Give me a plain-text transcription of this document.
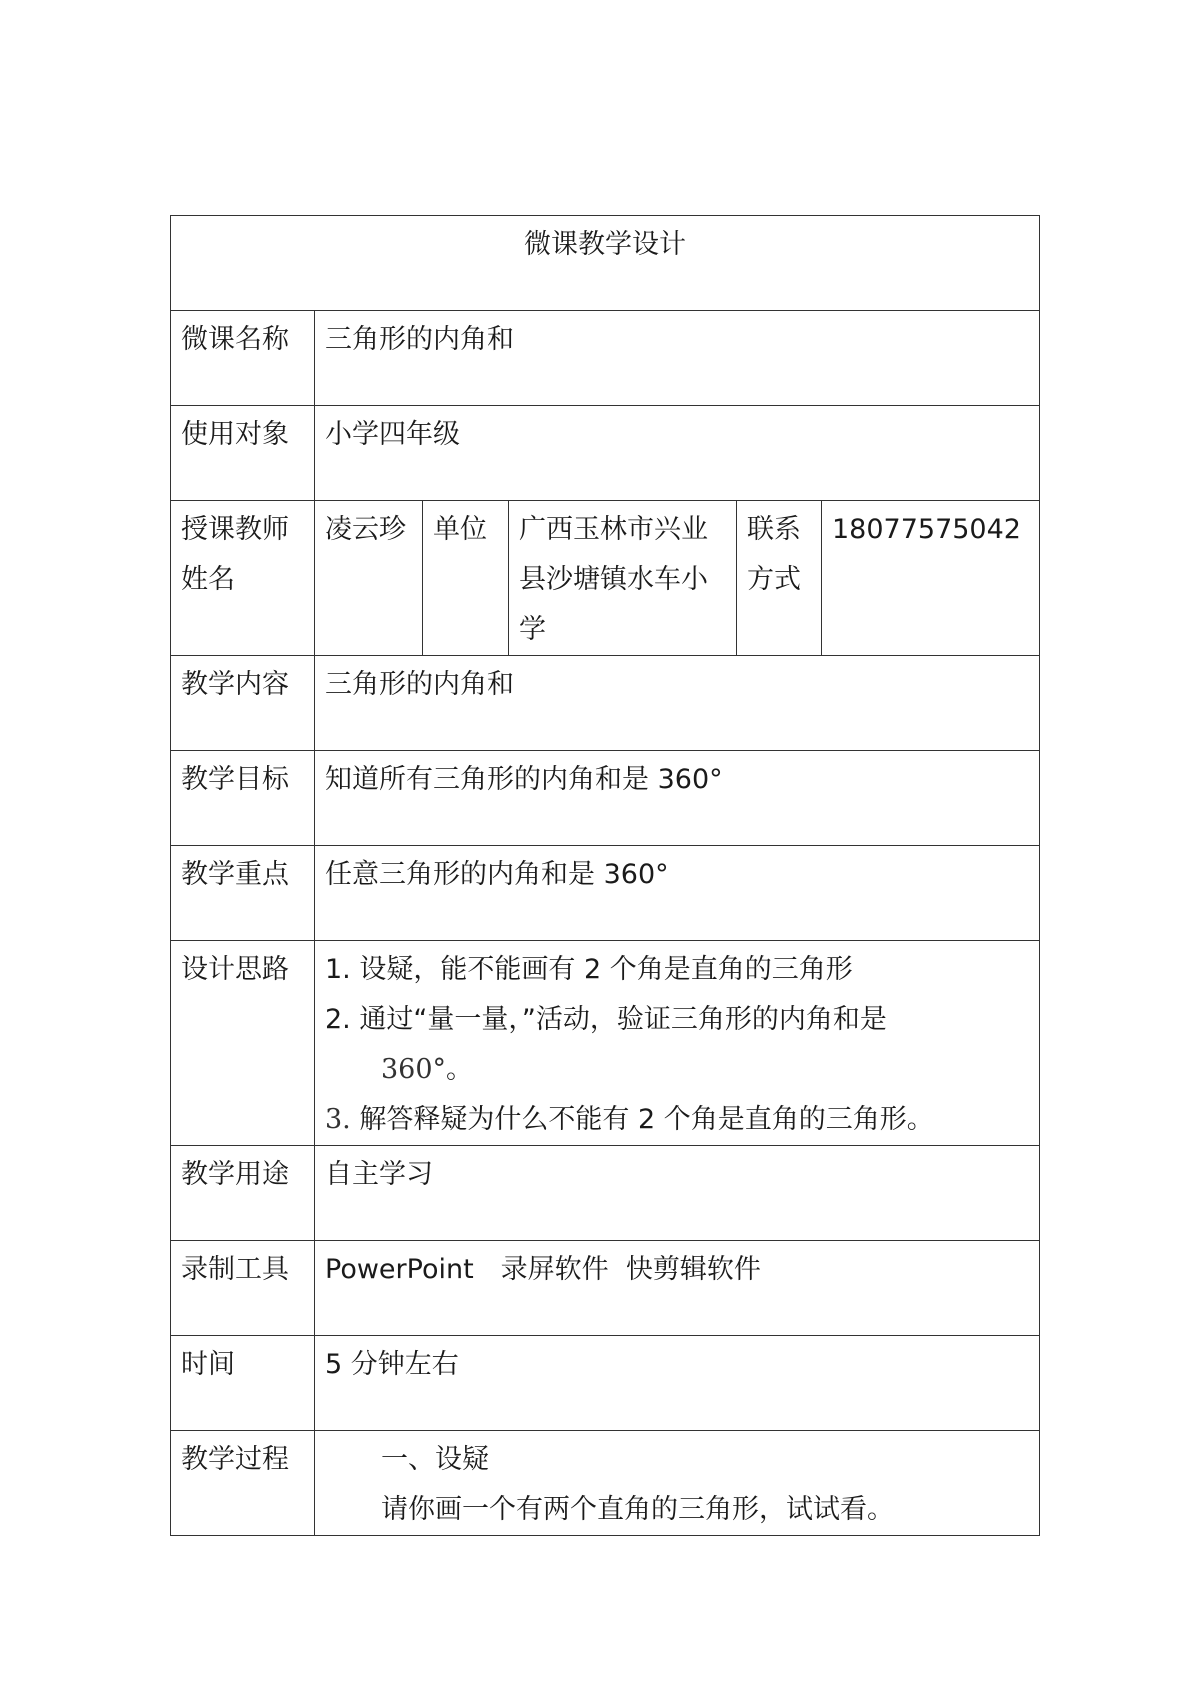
微课教学设计					
微课名称	三角形的内角和				
使用对象	小学四年级				
授课教师姓名	凌云珍	单位	广西玉林市兴业县沙塘镇水车小学	联系方式	18077575042
教学内容	三角形的内角和				
教学目标	知道所有三角形的内角和是 360°				
教学重点	任意三角形的内角和是 360°				
设计思路	1. 设疑，能不能画有 2 个角是直角的三角形
2. 通过“量一量，”活动，验证三角形的内角和是
360°。
3. 解答释疑为什么不能有 2 个角是直角的三角形。				

教学用途	自主学习				
录制工具	PowerPoint　录屏软件  快剪辑软件				
时间	5 分钟左右				
教学过程	一、设疑
请你画一个有两个直角的三角形，试试看。				
